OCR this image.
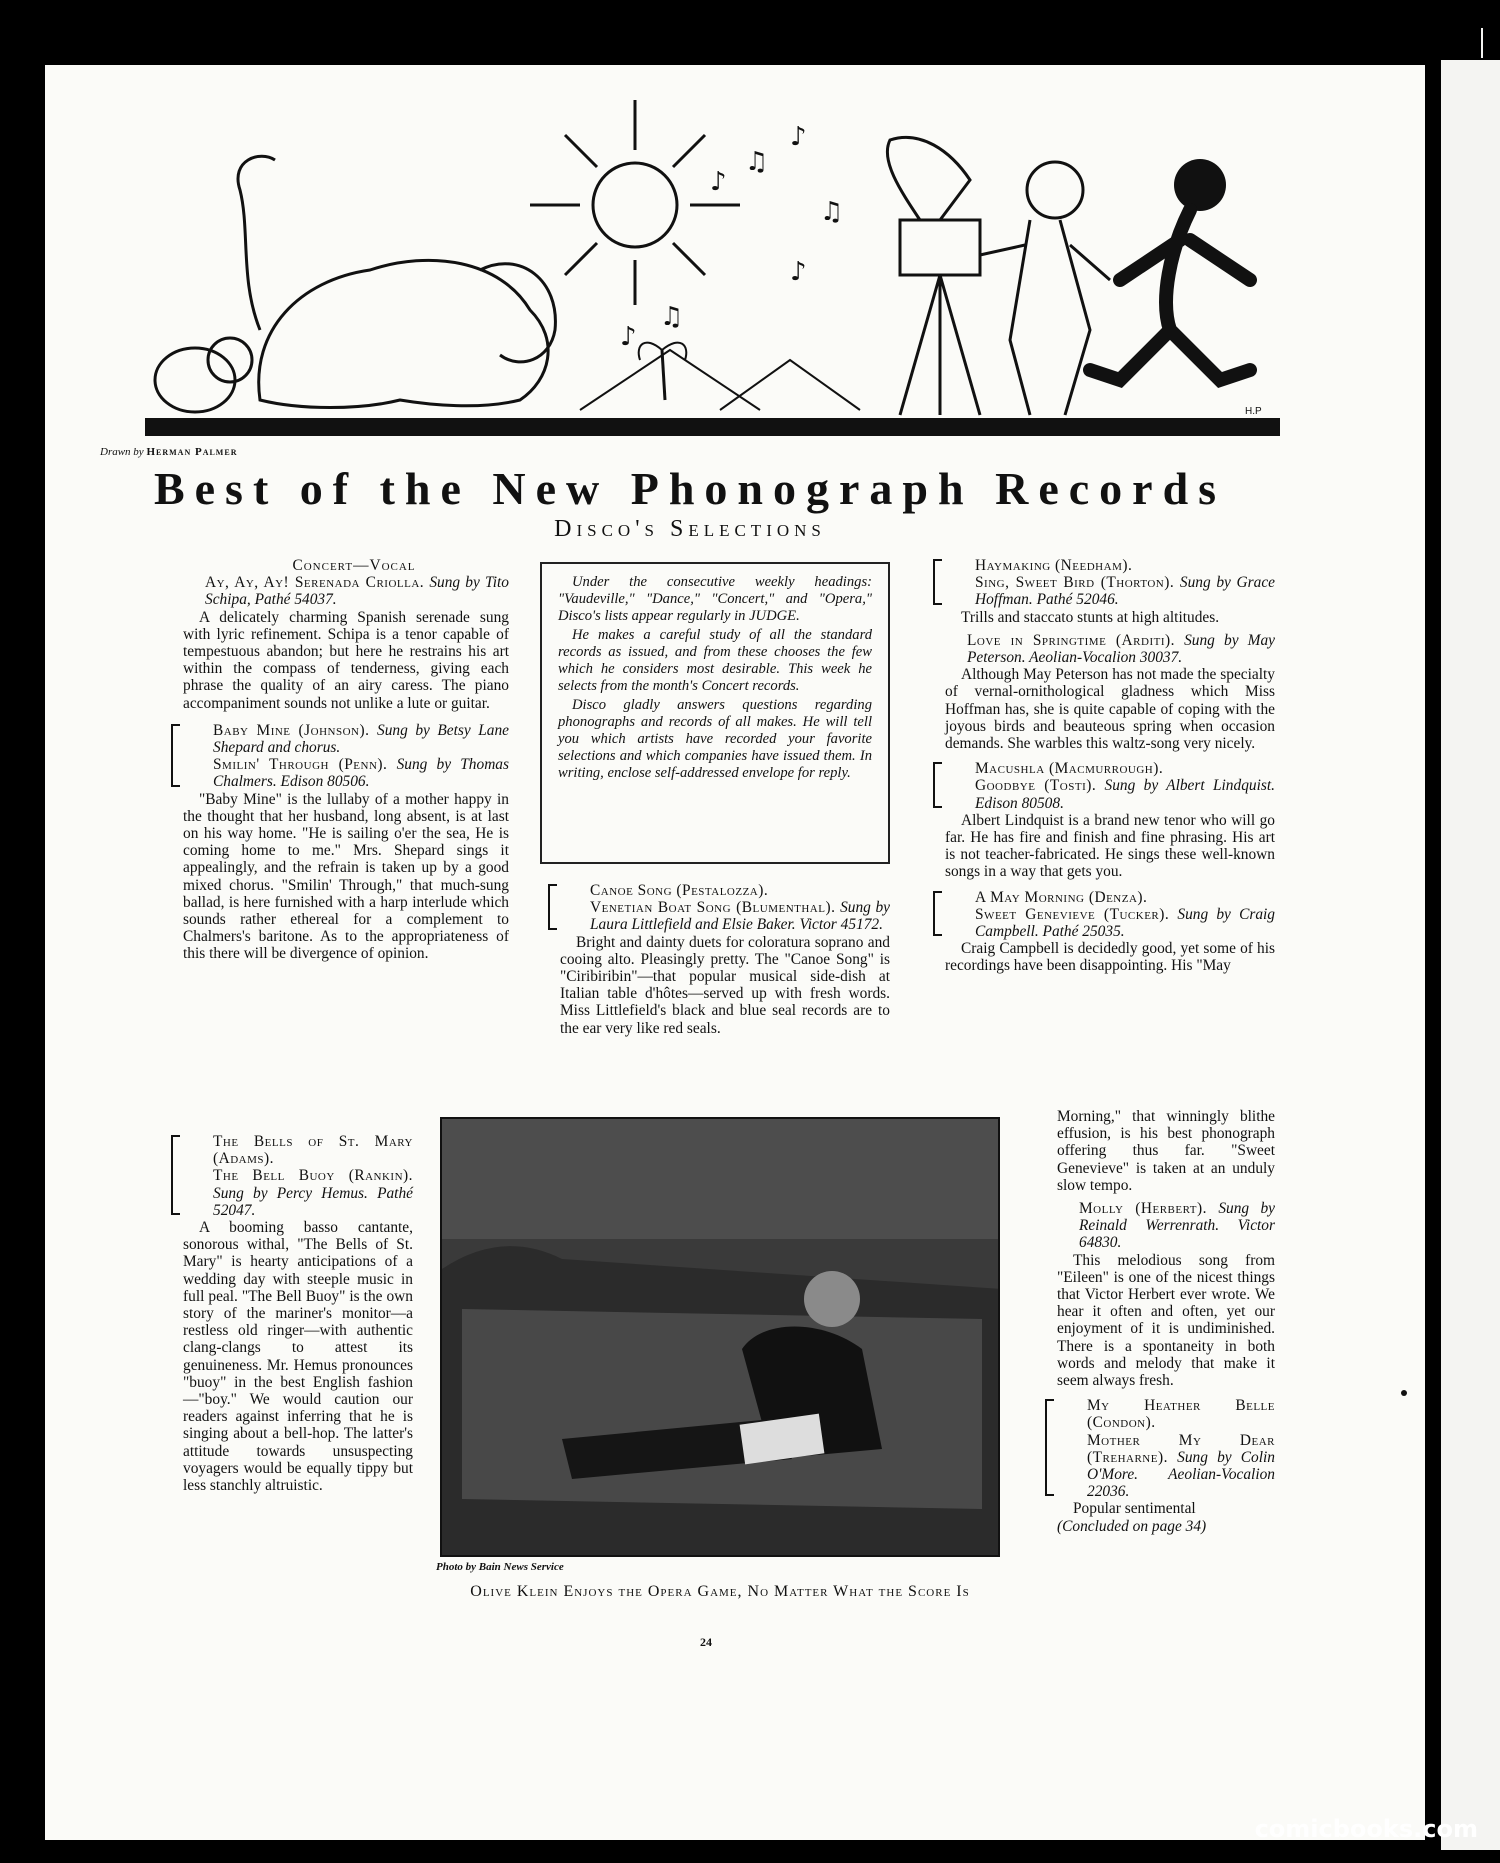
♪
♫
♪
♫
♪
♫
♪
H.P
Drawn by Herman Palmer
Best of the New Phonograph Records
Disco's Selections

Concert—Vocal

Ay, Ay, Ay! Serenada Criolla. Sung by Tito Schipa, Pathé 54037.

A delicately charming Spanish serenade sung with lyric refinement. Schipa is a tenor capable of tempestuous abandon; but here he restrains his art within the compass of tenderness, giving each phrase the quality of an airy caress. The piano accompaniment sounds not unlike a lute or guitar.

Baby Mine (Johnson). Sung by Betsy Lane Shepard and chorus.

Smilin' Through (Penn). Sung by Thomas Chalmers. Edison 80506.

"Baby Mine" is the lullaby of a mother happy in the thought that her husband, long absent, is at last on his way home. "He is sailing o'er the sea, He is coming home to me." Mrs. Shepard sings it appealingly, and the refrain is taken up by a good mixed chorus. "Smilin' Through," that much-sung ballad, is here furnished with a harp interlude which sounds rather ethereal for a complement to Chalmers's baritone. As to the appropriateness of this there will be divergence of opinion.

The Bells of St. Mary (Adams).

The Bell Buoy (Rankin). Sung by Percy Hemus. Pathé 52047.

A booming basso cantante, sonorous withal, "The Bells of St. Mary" is hearty anticipations of a wedding day with steeple music in full peal. "The Bell Buoy" is the own story of the mariner's monitor—a restless old ringer—with authentic clang-clangs to attest its genuineness. Mr. Hemus pronounces "buoy" in the best English fashion—"boy." We would caution our readers against inferring that he is singing about a bell-hop. The latter's attitude towards unsuspecting voyagers would be equally tippy but less stanchly altruistic.

Under the consecutive weekly headings: "Vaudeville," "Dance," "Concert," and "Opera," Disco's lists appear regularly in JUDGE.

He makes a careful study of all the standard records as issued, and from these chooses the few which he considers most desirable. This week he selects from the month's Concert records.

Disco gladly answers questions regarding phonographs and records of all makes. He will tell you which artists have recorded your favorite selections and which companies have issued them. In writing, enclose self-addressed envelope for reply.

Canoe Song (Pestalozza).

Venetian Boat Song (Blumenthal). Sung by Laura Littlefield and Elsie Baker. Victor 45172.

Bright and dainty duets for coloratura soprano and cooing alto. Pleasingly pretty. The "Canoe Song" is "Ciribiribin"—that popular musical side-dish at Italian table d'hôtes—served up with fresh words. Miss Littlefield's black and blue seal records are to the ear very like red seals.

Haymaking (Needham).

Sing, Sweet Bird (Thorton). Sung by Grace Hoffman. Pathé 52046.

Trills and staccato stunts at high altitudes.

Love in Springtime (Arditi). Sung by May Peterson. Aeolian-Vocalion 30037.

Although May Peterson has not made the specialty of vernal-ornithological gladness which Miss Hoffman has, she is quite capable of coping with the joyous birds and beauteous spring when occasion demands. She warbles this waltz-song very nicely.

Macushla (Macmurrough).

Goodbye (Tosti). Sung by Albert Lindquist. Edison 80508.

Albert Lindquist is a brand new tenor who will go far. He has fire and finish and fine phrasing. His art is not teacher-fabricated. He sings these well-known songs in a way that gets you.

A May Morning (Denza).

Sweet Genevieve (Tucker). Sung by Craig Campbell. Pathé 25035.

Craig Campbell is decidedly good, yet some of his recordings have been disappointing. His "May

Morning," that winningly blithe effusion, is his best phonograph offering thus far. "Sweet Genevieve" is taken at an unduly slow tempo.

Molly (Herbert). Sung by Reinald Werrenrath. Victor 64830.

This melodious song from "Eileen" is one of the nicest things that Victor Herbert ever wrote. We hear it often and often, yet our enjoyment of it is undiminished. There is a spontaneity in both words and melody that make it seem always fresh.

My Heather Belle (Condon).

Mother My Dear (Treharne). Sung by Colin O'More. Aeolian-Vocalion 22036.

Popular sentimental

(Concluded on page 34)

Photo by Bain News Service
Olive Klein Enjoys the Opera Game, No Matter What the Score Is
24
comicbooks.com
